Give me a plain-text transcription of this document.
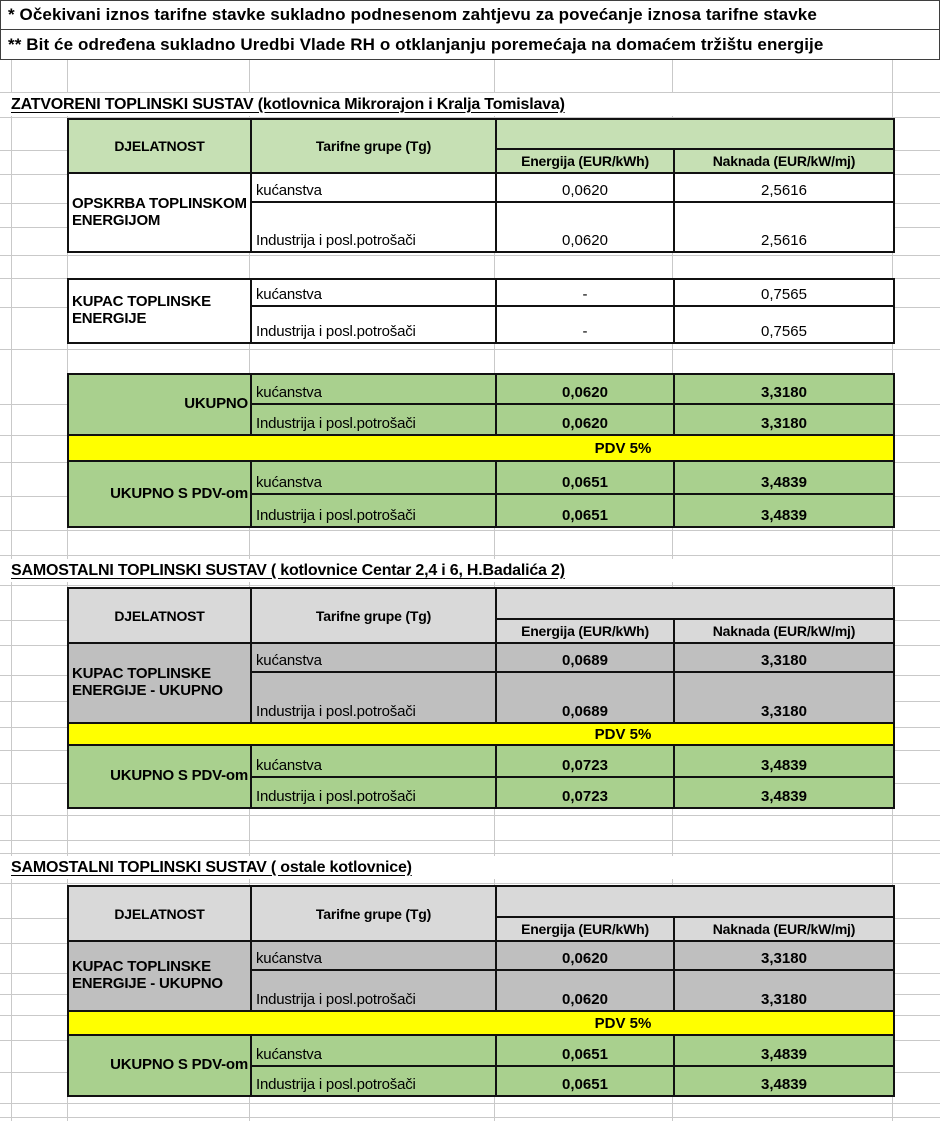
* Očekivani iznos tarifne stavke sukladno podnesenom zahtjevu za povećanje iznosa tarifne stavke
** Bit će određena sukladno Uredbi Vlade RH o otklanjanju poremećaja na domaćem tržištu energije
ZATVORENI TOPLINSKI SUSTAV (kotlovnica Mikrorajon i Kralja Tomislava)
DJELATNOST	Tarifne grupe (Tg)		
		Energija (EUR/kWh)	Naknada (EUR/kW/mj)
OPSKRBA TOPLINSKOM ENERGIJOM	kućanstva	0,0620	2,5616
	Industrija i posl.potrošači	0,0620	2,5616
KUPAC TOPLINSKE ENERGIJE	kućanstva	-	0,7565
	Industrija i posl.potrošači	-	0,7565
UKUPNO	kućanstva	0,0620	3,3180
	Industrija i posl.potrošači	0,0620	3,3180
PDV 5%			
UKUPNO S PDV-om	kućanstva	0,0651	3,4839
	Industrija i posl.potrošači	0,0651	3,4839
SAMOSTALNI TOPLINSKI SUSTAV ( kotlovnice Centar 2,4 i 6, H.Badalića 2)
DJELATNOST	Tarifne grupe (Tg)		
		Energija (EUR/kWh)	Naknada (EUR/kW/mj)
KUPAC TOPLINSKE ENERGIJE - UKUPNO	kućanstva	0,0689	3,3180
	Industrija i posl.potrošači	0,0689	3,3180
PDV 5%			
UKUPNO S PDV-om	kućanstva	0,0723	3,4839
	Industrija i posl.potrošači	0,0723	3,4839
SAMOSTALNI TOPLINSKI SUSTAV ( ostale kotlovnice)
DJELATNOST	Tarifne grupe (Tg)		
		Energija (EUR/kWh)	Naknada (EUR/kW/mj)
KUPAC TOPLINSKE ENERGIJE - UKUPNO	kućanstva	0,0620	3,3180
	Industrija i posl.potrošači	0,0620	3,3180
PDV 5%			
UKUPNO S PDV-om	kućanstva	0,0651	3,4839
	Industrija i posl.potrošači	0,0651	3,4839
